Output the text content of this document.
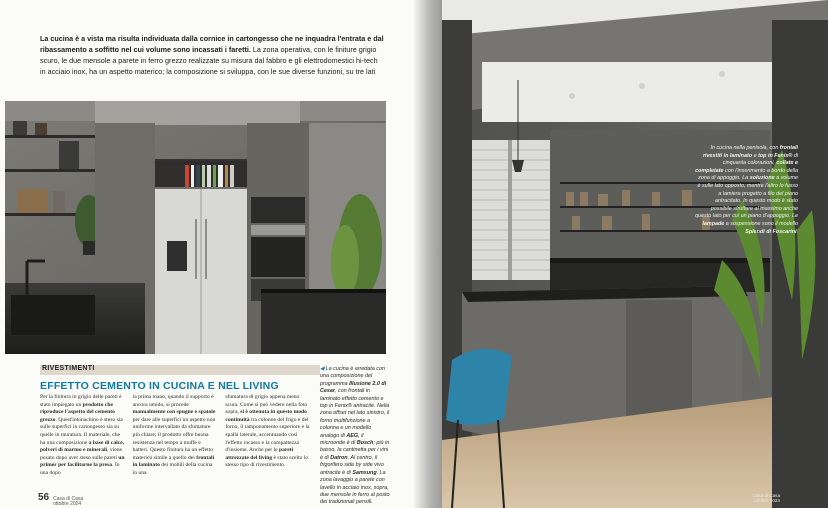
La cucina è a vista ma risulta individuata dalla cornice in cartongesso che ne inquadra l'entrata e dal
ribassamento a soffitto nel cui volume sono incassati i faretti. La zona operativa, con le finiture grigio
scuro, le due mensole a parete in ferro grezzo realizzate su misura dal fabbro e gli elettrodomestici hi-tech
in acciaio inox, ha un aspetto materico; la composizione si sviluppa, con le sue diverse funzioni, su tre lati
RIVESTIMENTI
EFFETTO CEMENTO IN CUCINA E NEL LIVING
Per la finitura in grigio delle pareti è stato impiegato un prodotto che riproduce l'aspetto del cemento grezzo. Quest'intonachino è steso sia sulle superfici in cartongesso sia su quelle in muratura. Il materiale, che ha una composizione a base di calce, polveri di marmo e minerali, viene posato dopo aver steso sulle pareti un primer per facilitarne la presa. In una dopo
la prima mano, quando il supporto è ancora umido, si procede manualmente con spugne e spatole per dare alle superfici un aspetto non uniforme intervallato da sfumature più chiare; il prodotto offre buona resistenza nel tempo a muffe e batteri. Questo finitura ha un effetto materico simile a quello dei frontali in laminato dei mobili della cucina in una
sfumatura di grigio appena meno scura. Come si può vedere nella foto sopra, si è ottenuta in questo modo continuità tra colonne del frigo e del forno, il tamponamento superiore e la spalla laterale, accentuando così l'effetto incasso e la compattezza d'insieme. Anche per le pareti attrezzate del living è stato scelto lo stesso tipo di rivestimento.
◀ La cucina è arredata con una composizione del programma Illusione 2.0 di Cesar, con frontali in laminato effetto cemento e top in Fenix® antracite. Nella zona offset nel lato sinistro, il forno multifunzione a colonna e un modello analogo di AEG, il microonde è di Bosch; più in basso, la cantinetta per i vini è di Datron. Al centro, il frigorifero side by side vivo antracite è di Samsung. La zona lavaggio a parete con lavello in acciaio inox, sopra, due mensole in ferro al posto dei tradizionali pensili.
56 Casa di Casa
ottobre 2024
In cucina nella penisola, con frontali rivestiti in laminato e top in Fenix® di cinquanta colorazioni, collate e completate con l'inserimento a bordo della zona di appoggio. La soluzione a volume è sulle lato opposto, mentre l'altro lo fusso a lamiera progetto a filo del piano antracitato. In questo modo è stato possibile sfruttare al massimo anche questo lato per cui un piano d'appoggio. Le lampade a sospensione sono il modello Splendi di Foscarini.
Casa di Casa
ottobre 2024
